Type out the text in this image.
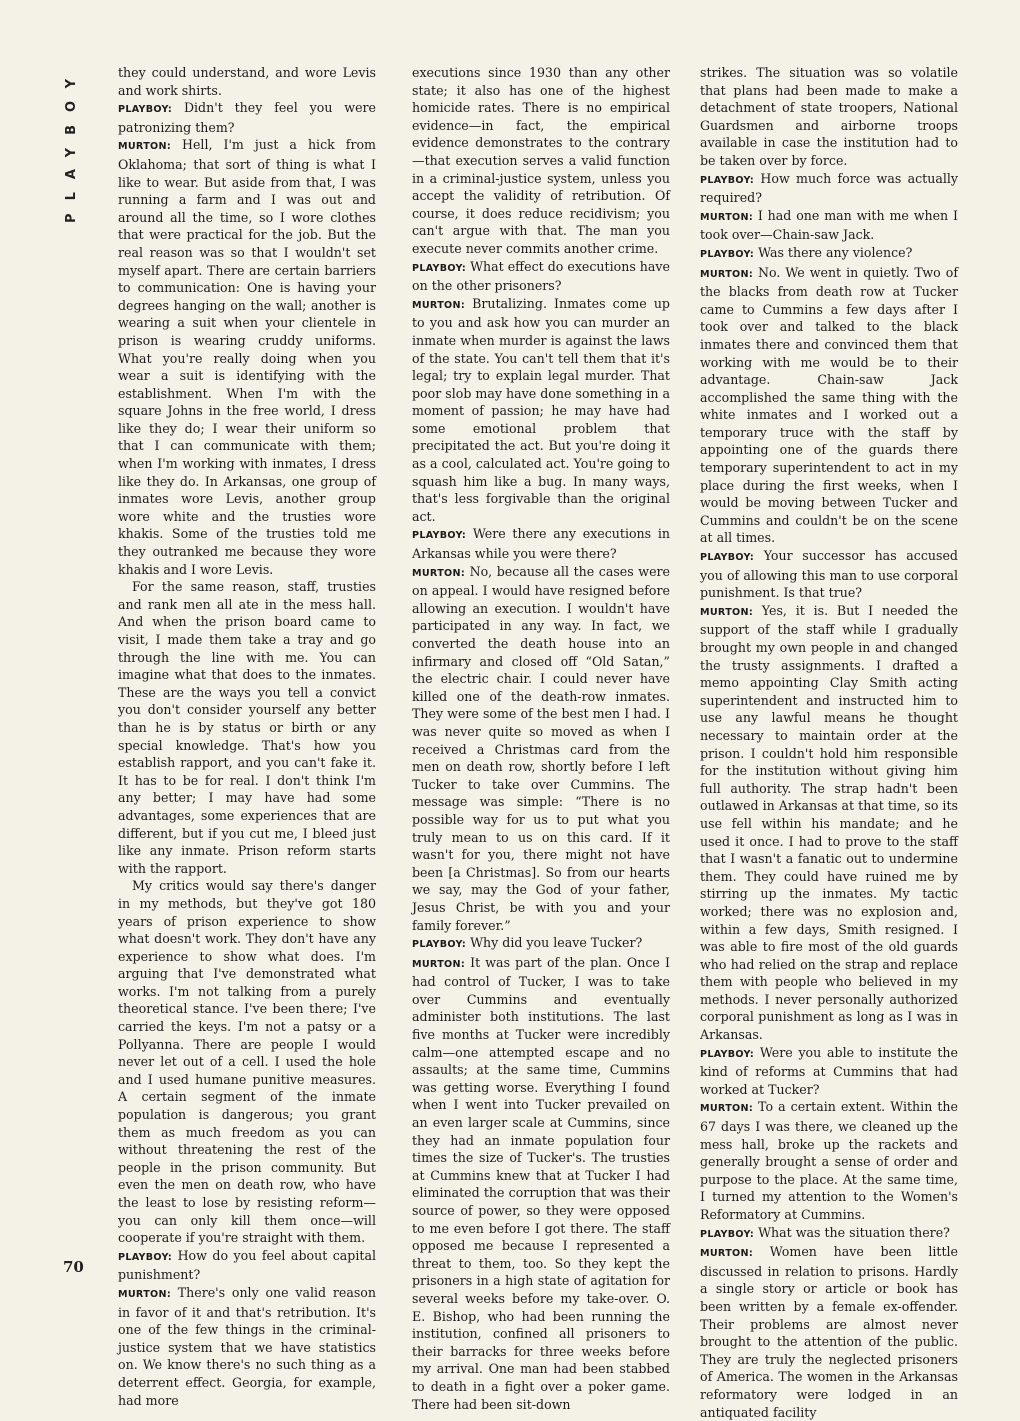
PLAYBOY
70

they could understand, and wore Levis and work shirts.

PLAYBOY: Didn't they feel you were patronizing them?

MURTON: Hell, I'm just a hick from Oklahoma; that sort of thing is what I like to wear. But aside from that, I was running a farm and I was out and around all the time, so I wore clothes that were practical for the job. But the real reason was so that I wouldn't set myself apart. There are certain barriers to communication: One is having your degrees hanging on the wall; another is wearing a suit when your clientele in prison is wearing cruddy uniforms. What you're really doing when you wear a suit is identifying with the establishment. When I'm with the square Johns in the free world, I dress like they do; I wear their uniform so that I can communicate with them; when I'm working with inmates, I dress like they do. In Arkansas, one group of inmates wore Levis, another group wore white and the trusties wore khakis. Some of the trusties told me they outranked me because they wore khakis and I wore Levis.

For the same reason, staff, trusties and rank men all ate in the mess hall. And when the prison board came to visit, I made them take a tray and go through the line with me. You can imagine what that does to the inmates. These are the ways you tell a convict you don't consider yourself any better than he is by status or birth or any special knowledge. That's how you establish rapport, and you can't fake it. It has to be for real. I don't think I'm any better; I may have had some advantages, some experiences that are different, but if you cut me, I bleed just like any inmate. Prison reform starts with the rapport.

My critics would say there's danger in my methods, but they've got 180 years of prison experience to show what doesn't work. They don't have any experience to show what does. I'm arguing that I've demonstrated what works. I'm not talking from a purely theoretical stance. I've been there; I've carried the keys. I'm not a patsy or a Pollyanna. There are people I would never let out of a cell. I used the hole and I used humane punitive measures. A certain segment of the inmate population is dangerous; you grant them as much freedom as you can without threatening the rest of the people in the prison community. But even the men on death row, who have the least to lose by resisting reform—you can only kill them once—will cooperate if you're straight with them.

PLAYBOY: How do you feel about capital punishment?

MURTON: There's only one valid reason in favor of it and that's retribution. It's one of the few things in the criminal-justice system that we have statistics on. We know there's no such thing as a deterrent effect. Georgia, for example, had more

executions since 1930 than any other state; it also has one of the highest homicide rates. There is no empirical evidence—in fact, the empirical evidence demonstrates to the contrary—that execution serves a valid function in a criminal-justice system, unless you accept the validity of retribution. Of course, it does reduce recidivism; you can't argue with that. The man you execute never commits another crime.

PLAYBOY: What effect do executions have on the other prisoners?

MURTON: Brutalizing. Inmates come up to you and ask how you can murder an inmate when murder is against the laws of the state. You can't tell them that it's legal; try to explain legal murder. That poor slob may have done something in a moment of passion; he may have had some emotional problem that precipitated the act. But you're doing it as a cool, calculated act. You're going to squash him like a bug. In many ways, that's less forgivable than the original act.

PLAYBOY: Were there any executions in Arkansas while you were there?

MURTON: No, because all the cases were on appeal. I would have resigned before allowing an execution. I wouldn't have participated in any way. In fact, we converted the death house into an infirmary and closed off “Old Satan,” the electric chair. I could never have killed one of the death-row inmates. They were some of the best men I had. I was never quite so moved as when I received a Christmas card from the men on death row, shortly before I left Tucker to take over Cummins. The message was simple: “There is no possible way for us to put what you truly mean to us on this card. If it wasn't for you, there might not have been [a Christmas]. So from our hearts we say, may the God of your father, Jesus Christ, be with you and your family forever.”

PLAYBOY: Why did you leave Tucker?

MURTON: It was part of the plan. Once I had control of Tucker, I was to take over Cummins and eventually administer both institutions. The last five months at Tucker were incredibly calm—one attempted escape and no assaults; at the same time, Cummins was getting worse. Everything I found when I went into Tucker prevailed on an even larger scale at Cummins, since they had an inmate population four times the size of Tucker's. The trusties at Cummins knew that at Tucker I had eliminated the corruption that was their source of power, so they were opposed to me even before I got there. The staff opposed me because I represented a threat to them, too. So they kept the prisoners in a high state of agitation for several weeks before my take-over. O. E. Bishop, who had been running the institution, confined all prisoners to their barracks for three weeks before my arrival. One man had been stabbed to death in a fight over a poker game. There had been sit-down

strikes. The situation was so volatile that plans had been made to make a detachment of state troopers, National Guardsmen and airborne troops available in case the institution had to be taken over by force.

PLAYBOY: How much force was actually required?

MURTON: I had one man with me when I took over—Chain-saw Jack.

PLAYBOY: Was there any violence?

MURTON: No. We went in quietly. Two of the blacks from death row at Tucker came to Cummins a few days after I took over and talked to the black inmates there and convinced them that working with me would be to their advantage. Chain-saw Jack accomplished the same thing with the white inmates and I worked out a temporary truce with the staff by appointing one of the guards there temporary superintendent to act in my place during the first weeks, when I would be moving between Tucker and Cummins and couldn't be on the scene at all times.

PLAYBOY: Your successor has accused you of allowing this man to use corporal punishment. Is that true?

MURTON: Yes, it is. But I needed the support of the staff while I gradually brought my own people in and changed the trusty assignments. I drafted a memo appointing Clay Smith acting superintendent and instructed him to use any lawful means he thought necessary to maintain order at the prison. I couldn't hold him responsible for the institution without giving him full authority. The strap hadn't been outlawed in Arkansas at that time, so its use fell within his mandate; and he used it once. I had to prove to the staff that I wasn't a fanatic out to undermine them. They could have ruined me by stirring up the inmates. My tactic worked; there was no explosion and, within a few days, Smith resigned. I was able to fire most of the old guards who had relied on the strap and replace them with people who believed in my methods. I never personally authorized corporal punishment as long as I was in Arkansas.

PLAYBOY: Were you able to institute the kind of reforms at Cummins that had worked at Tucker?

MURTON: To a certain extent. Within the 67 days I was there, we cleaned up the mess hall, broke up the rackets and generally brought a sense of order and purpose to the place. At the same time, I turned my attention to the Women's Reformatory at Cummins.

PLAYBOY: What was the situation there?

MURTON: Women have been little discussed in relation to prisons. Hardly a single story or article or book has been written by a female ex-offender. Their problems are almost never brought to the attention of the public. They are truly the neglected prisoners of America. The women in the Arkansas reformatory were lodged in an antiquated facility
